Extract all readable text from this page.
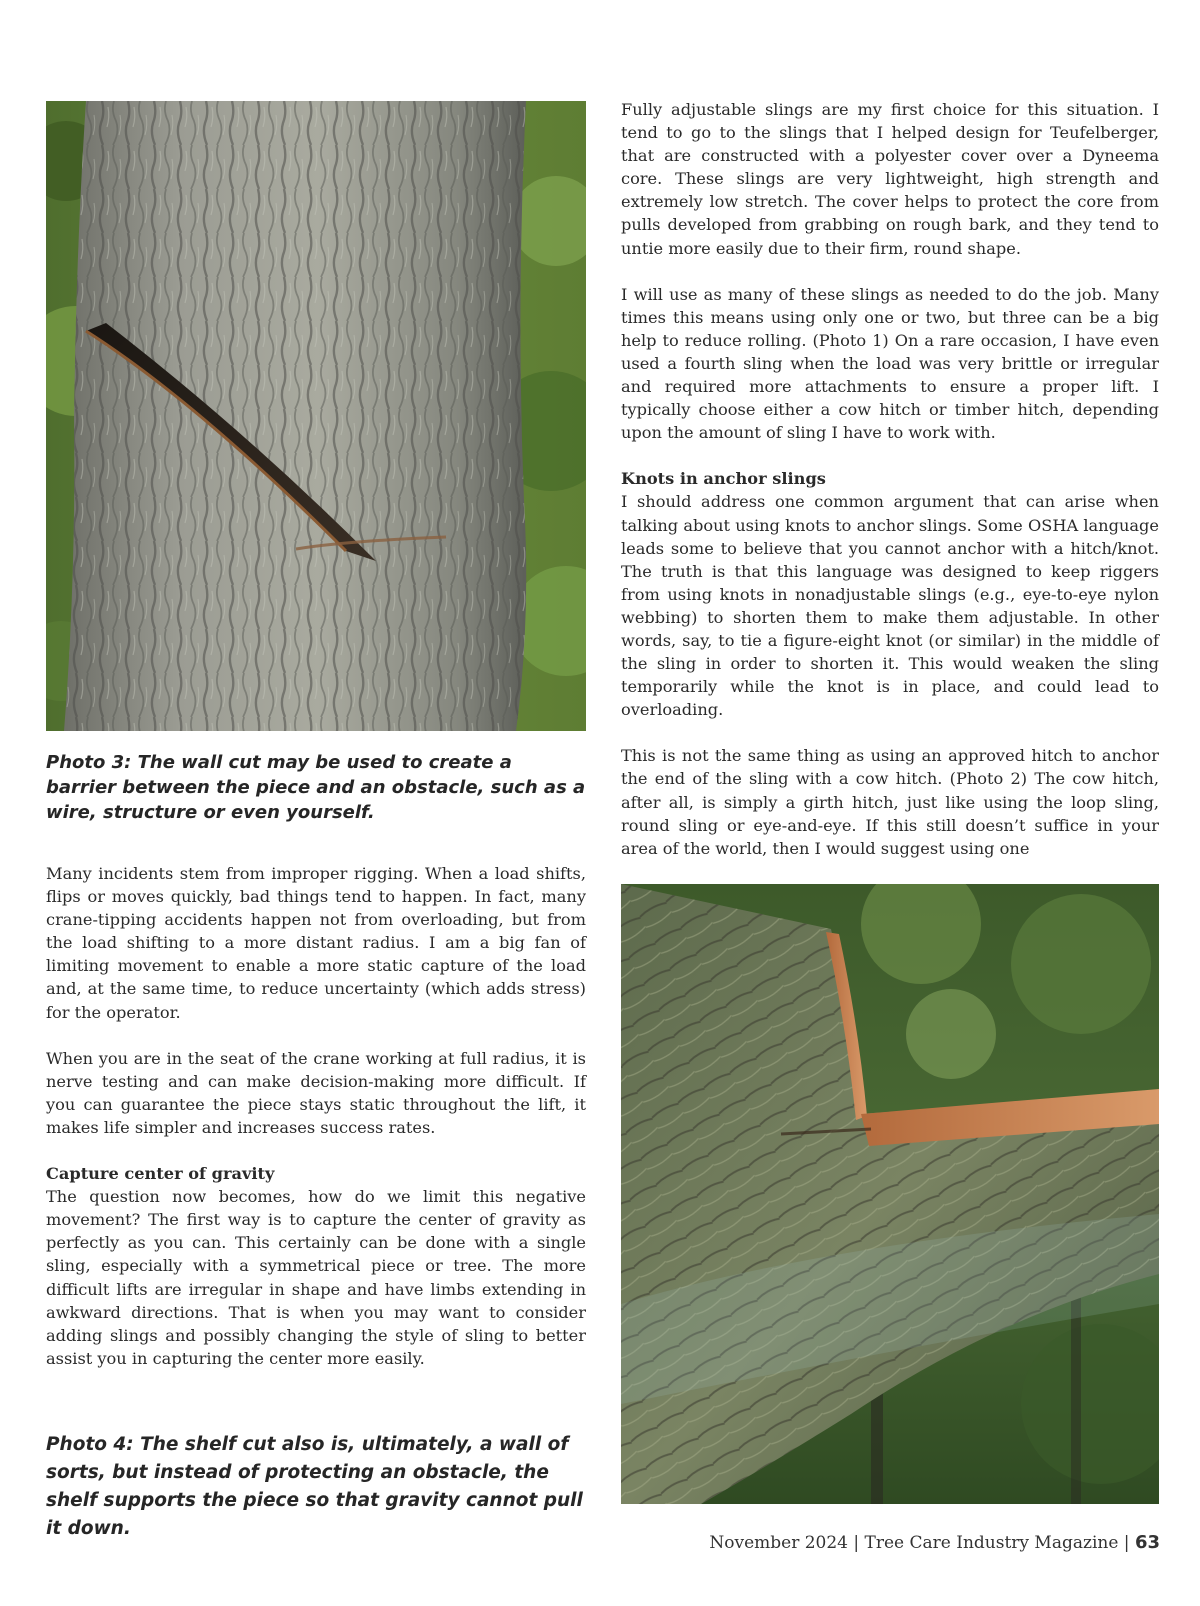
Photo 3: The wall cut may be used to create a barrier between the piece and an obstacle, such as a wire, structure or even yourself.

Many incidents stem from improper rigging. When a load shifts, flips or moves quickly, bad things tend to happen. In fact, many crane-tipping accidents happen not from overloading, but from the load shifting to a more distant radius. I am a big fan of limiting movement to enable a more static capture of the load and, at the same time, to reduce uncertainty (which adds stress) for the operator.

When you are in the seat of the crane working at full radius, it is nerve testing and can make decision-making more difficult. If you can guarantee the piece stays static throughout the lift, it makes life simpler and increases success rates.

Capture center of gravity

The question now becomes, how do we limit this negative movement? The first way is to capture the center of gravity as perfectly as you can. This certainly can be done with a single sling, especially with a symmetrical piece or tree. The more difficult lifts are irregular in shape and have limbs extending in awkward directions. That is when you may want to consider adding slings and possibly changing the style of sling to better assist you in capturing the center more easily.

Photo 4: The shelf cut also is, ultimately, a wall of sorts, but instead of protecting an obstacle, the shelf supports the piece so that gravity cannot pull it down.

Fully adjustable slings are my first choice for this situation. I tend to go to the slings that I helped design for Teufelberger, that are constructed with a polyester cover over a Dyneema core. These slings are very lightweight, high strength and extremely low stretch. The cover helps to protect the core from pulls developed from grabbing on rough bark, and they tend to untie more easily due to their firm, round shape.

I will use as many of these slings as needed to do the job. Many times this means using only one or two, but three can be a big help to reduce rolling. (Photo 1) On a rare occasion, I have even used a fourth sling when the load was very brittle or irregular and required more attachments to ensure a proper lift. I typically choose either a cow hitch or timber hitch, depending upon the amount of sling I have to work with.

Knots in anchor slings

I should address one common argument that can arise when talking about using knots to anchor slings. Some OSHA language leads some to believe that you cannot anchor with a hitch/knot. The truth is that this language was designed to keep riggers from using knots in nonadjustable slings (e.g., eye-to-eye nylon webbing) to shorten them to make them adjustable. In other words, say, to tie a figure-eight knot (or similar) in the middle of the sling in order to shorten it. This would weaken the sling temporarily while the knot is in place, and could lead to overloading.

This is not the same thing as using an approved hitch to anchor the end of the sling with a cow hitch. (Photo 2) The cow hitch, after all, is simply a girth hitch, just like using the loop sling, round sling or eye-and-eye. If this still doesn’t suffice in your area of the world, then I would suggest using one

November 2024 | Tree Care Industry Magazine | 63
